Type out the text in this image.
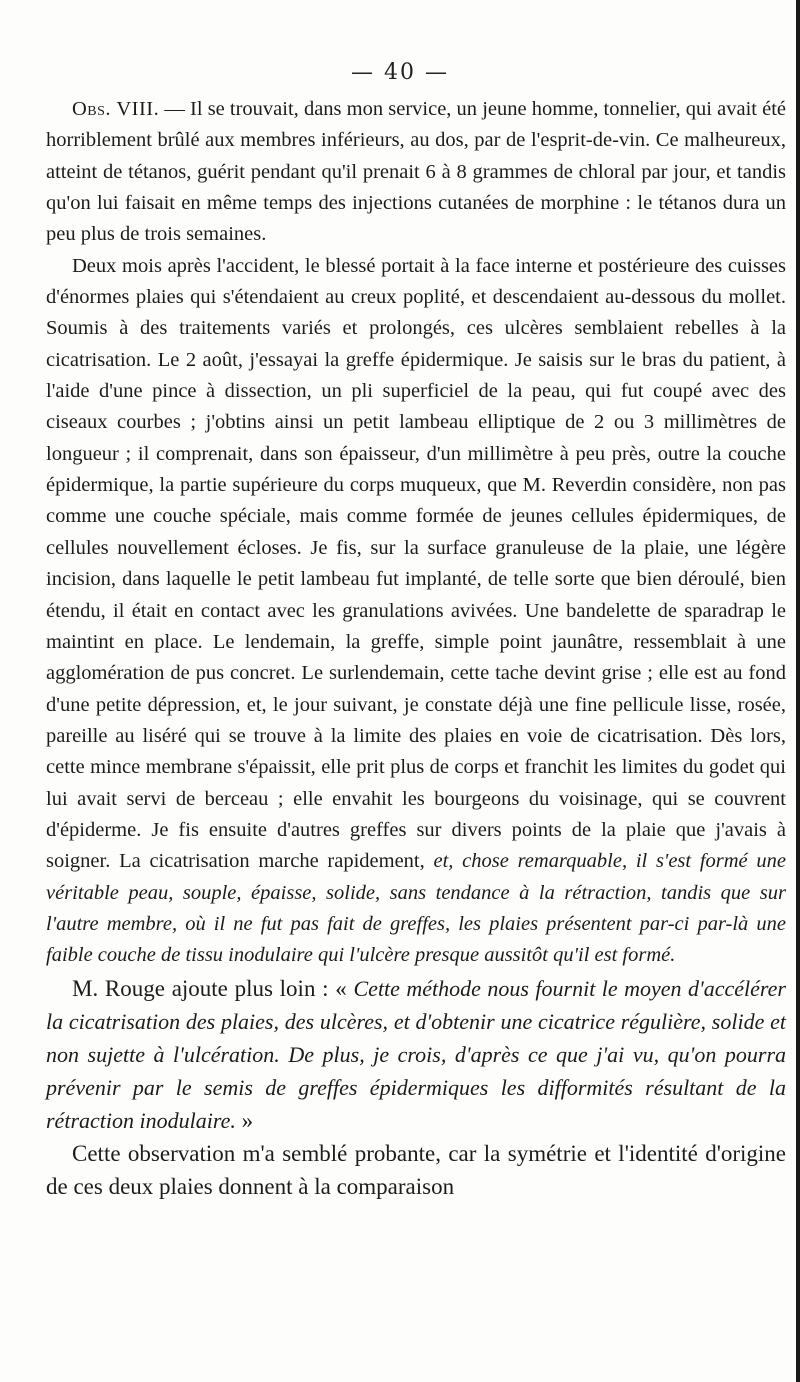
— 40 —

Obs. VIII. — Il se trouvait, dans mon service, un jeune homme, tonnelier, qui avait été horriblement brûlé aux membres inférieurs, au dos, par de l'esprit-de-vin. Ce malheureux, atteint de tétanos, guérit pendant qu'il prenait 6 à 8 grammes de chloral par jour, et tandis qu'on lui faisait en même temps des injections cutanées de morphine : le tétanos dura un peu plus de trois semaines.

Deux mois après l'accident, le blessé portait à la face interne et postérieure des cuisses d'énormes plaies qui s'étendaient au creux poplité, et descendaient au-dessous du mollet. Soumis à des traitements variés et prolongés, ces ulcères semblaient rebelles à la cicatrisation. Le 2 août, j'essayai la greffe épidermique. Je saisis sur le bras du patient, à l'aide d'une pince à dissection, un pli superficiel de la peau, qui fut coupé avec des ciseaux courbes ; j'obtins ainsi un petit lambeau elliptique de 2 ou 3 millimètres de longueur ; il comprenait, dans son épaisseur, d'un millimètre à peu près, outre la couche épidermique, la partie supérieure du corps muqueux, que M. Reverdin considère, non pas comme une couche spéciale, mais comme formée de jeunes cellules épidermiques, de cellules nouvellement écloses. Je fis, sur la surface granuleuse de la plaie, une légère incision, dans laquelle le petit lambeau fut implanté, de telle sorte que bien déroulé, bien étendu, il était en contact avec les granulations avivées. Une bandelette de sparadrap le maintint en place. Le lendemain, la greffe, simple point jaunâtre, ressemblait à une agglomération de pus concret. Le surlendemain, cette tache devint grise ; elle est au fond d'une petite dépression, et, le jour suivant, je constate déjà une fine pellicule lisse, rosée, pareille au liséré qui se trouve à la limite des plaies en voie de cicatrisation. Dès lors, cette mince membrane s'épaissit, elle prit plus de corps et franchit les limites du godet qui lui avait servi de berceau ; elle envahit les bourgeons du voisinage, qui se couvrent d'épiderme. Je fis ensuite d'autres greffes sur divers points de la plaie que j'avais à soigner. La cicatrisation marche rapidement, et, chose remarquable, il s'est formé une véritable peau, souple, épaisse, solide, sans tendance à la rétraction, tandis que sur l'autre membre, où il ne fut pas fait de greffes, les plaies présentent par-ci par-là une faible couche de tissu inodulaire qui l'ulcère presque aussitôt qu'il est formé.

M. Rouge ajoute plus loin : « Cette méthode nous fournit le moyen d'accélérer la cicatrisation des plaies, des ulcères, et d'obtenir une cicatrice régulière, solide et non sujette à l'ulcération. De plus, je crois, d'après ce que j'ai vu, qu'on pourra prévenir par le semis de greffes épidermiques les difformités résultant de la rétraction inodulaire. »

Cette observation m'a semblé probante, car la symétrie et l'identité d'origine de ces deux plaies donnent à la comparaison
